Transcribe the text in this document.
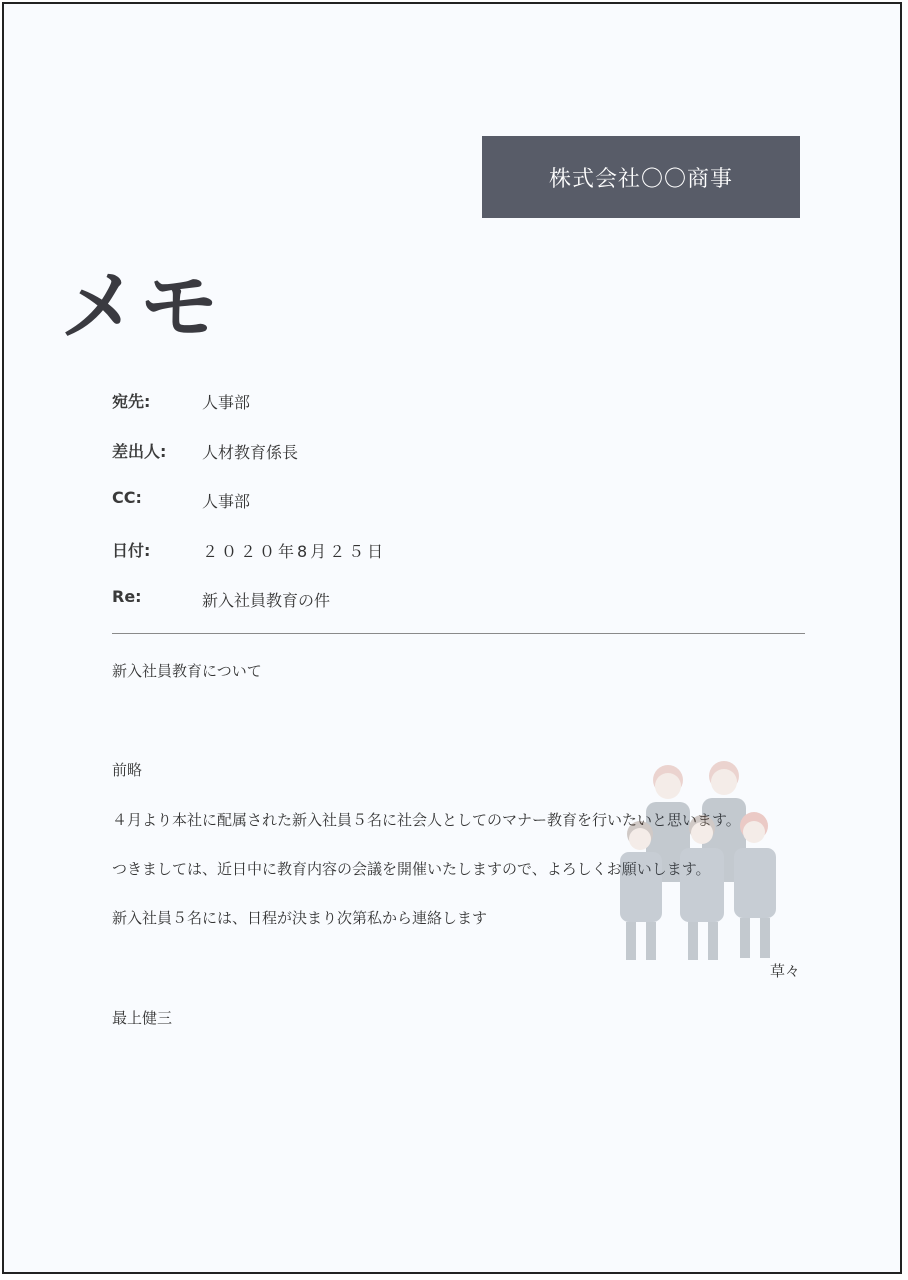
株式会社〇〇商事
メモ
宛先:	人事部
差出人: 人材教育係長
CC:	人事部
日付:	２０２０年8月２５日
Re:	新入社員教育の件
新入社員教育について
前略
４月より本社に配属された新入社員５名に社会人としてのマナー教育を行いたいと思います。
つきましては、近日中に教育内容の会議を開催いたしますので、よろしくお願いします。
新入社員５名には、日程が決まり次第私から連絡します
草々
最上健三
